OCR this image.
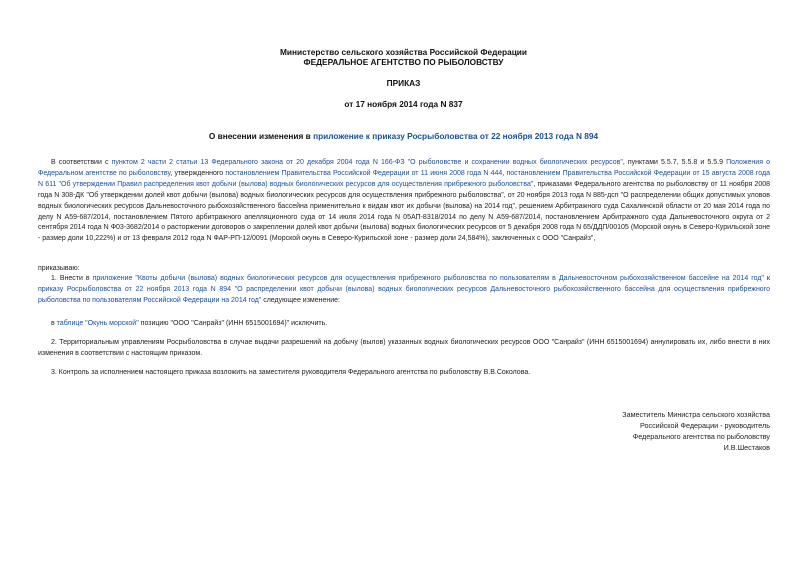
Министерство сельского хозяйства Российской Федерации
ФЕДЕРАЛЬНОЕ АГЕНТСТВО ПО РЫБОЛОВСТВУ
ПРИКАЗ
от 17 ноября 2014 года N 837
О внесении изменения в приложение к приказу Росрыболовства от 22 ноября 2013 года N 894

В соответствии с пунктом 2 части 2 статьи 13 Федерального закона от 20 декабря 2004 года N 166-ФЗ "О рыболовстве и сохранении водных биологических ресурсов", пунктами 5.5.7, 5.5.8 и 5.5.9 Положения о Федеральном агентстве по рыболовству, утвержденного постановлением Правительства Российской Федерации от 11 июня 2008 года N 444, постановлением Правительства Российской Федерации от 15 августа 2008 года N 611 "Об утверждении Правил распределения квот добычи (вылова) водных биологических ресурсов для осуществления прибрежного рыболовства", приказами Федерального агентства по рыболовству от 11 ноября 2008 года N 308-ДК "Об утверждении долей квот добычи (вылова) водных биологических ресурсов для осуществления прибрежного рыболовства", от 20 ноября 2013 года N 885-дсп "О распределении общих допустимых уловов водных биологических ресурсов Дальневосточного рыбохозяйственного бассейна применительно к видам квот их добычи (вылова) на 2014 год", решением Арбитражного суда Сахалинской области от 20 мая 2014 года по делу N А59-687/2014, постановлением Пятого арбитражного апелляционного суда от 14 июля 2014 года N 05АП-8318/2014 по делу N А59-687/2014, постановлением Арбитражного суда Дальневосточного округа от 2 сентября 2014 года N Ф03-3682/2014 о расторжении договоров о закреплении долей квот добычи (вылова) водных биологических ресурсов от 5 декабря 2008 года N 65/ДДП/00105 (Морской окунь в Северо-Курильской зоне - размер доли 10,222%) и от 13 февраля 2012 года N ФАР-РП-12/0091 (Морской окунь в Северо-Курильской зоне - размер доли 24,584%), заключенных с ООО "Санрайз",

приказываю:

1. Внести в приложение "Квоты добычи (вылова) водных биологических ресурсов для осуществления прибрежного рыболовства по пользователям в Дальневосточном рыбохозяйственном бассейне на 2014 год" к приказу Росрыболовства от 22 ноября 2013 года N 894 "О распределении квот добычи (вылова) водных биологических ресурсов Дальневосточного рыбохозяйственного бассейна для осуществления прибрежного рыболовства по пользователям Российской Федерации на 2014 год" следующее изменение:

в таблице "Окунь морской" позицию "ООО "Санрайз" (ИНН 6515001694)" исключить.

2. Территориальным управлениям Росрыболовства в случае выдачи разрешений на добычу (вылов) указанных водных биологических ресурсов ООО "Санрайз" (ИНН 6515001694) аннулировать их, либо внести в них изменения в соответствии с настоящим приказом.

3. Контроль за исполнением настоящего приказа возложить на заместителя руководителя Федерального агентства по рыболовству В.В.Соколова.

Заместитель Министра сельского хозяйства
Российской Федерации - руководитель
Федерального агентства по рыболовству
И.В.Шестаков
